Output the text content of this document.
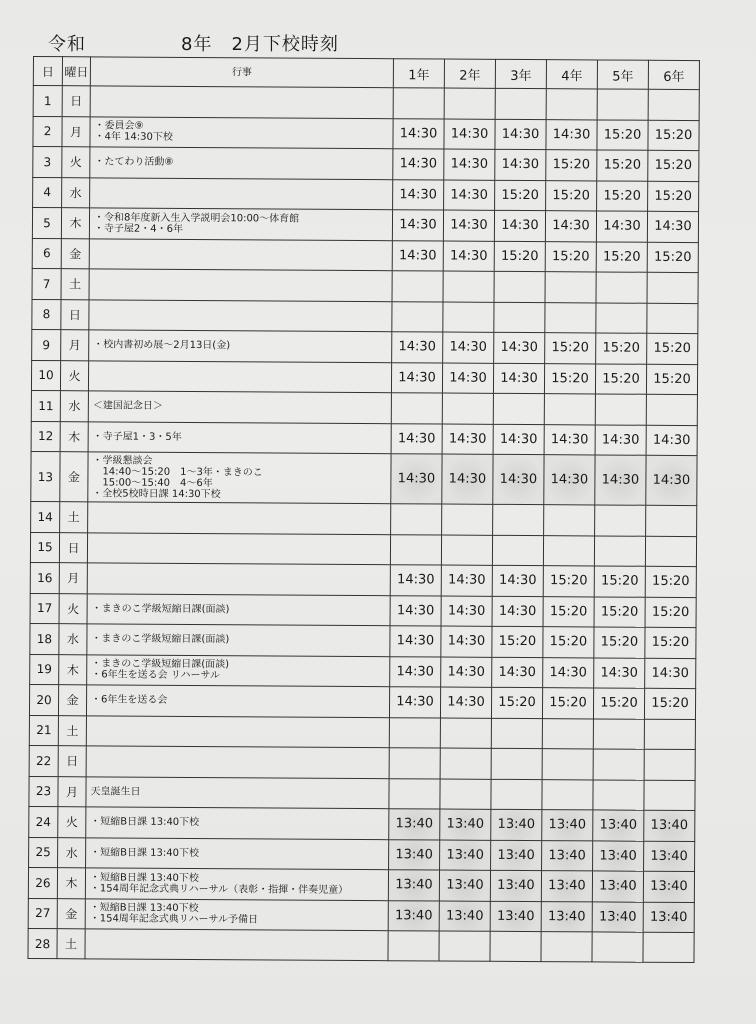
令和　　　　　8年　2月下校時刻
日	曜日	行事	1年	2年	3年	4年	5年	6年
1	日							
2	月	・委員会⑨
・4年 14:30下校	14:30	14:30	14:30	14:30	15:20	15:20
3	火	・たてわり活動⑧	14:30	14:30	14:30	15:20	15:20	15:20
4	水		14:30	14:30	15:20	15:20	15:20	15:20
5	木	・令和8年度新入生入学説明会10:00～体育館
・寺子屋2・4・6年	14:30	14:30	14:30	14:30	14:30	14:30
6	金		14:30	14:30	15:20	15:20	15:20	15:20
7	土							
8	日							
9	月	・校内書初め展～2月13日(金)	14:30	14:30	14:30	15:20	15:20	15:20
10	火		14:30	14:30	14:30	15:20	15:20	15:20
11	水	＜建国記念日＞						

12	木	・寺子屋1・3・5年	14:30	14:30	14:30	14:30	14:30	14:30
13	金	・学級懇談会
　14:40～15:20　1～3年・まきのこ
　15:00～15:40　4～6年
・全校5校時日課 14:30下校	14:30	14:30	14:30	14:30	14:30	14:30
14	土							
15	日							
16	月		14:30	14:30	14:30	15:20	15:20	15:20
17	火	・まきのこ学級短縮日課(面談)	14:30	14:30	14:30	15:20	15:20	15:20
18	水	・まきのこ学級短縮日課(面談)	14:30	14:30	15:20	15:20	15:20	15:20
19	木	・まきのこ学級短縮日課(面談)
・6年生を送る会 リハーサル	14:30	14:30	14:30	14:30	14:30	14:30
20	金	・6年生を送る会	14:30	14:30	15:20	15:20	15:20	15:20
21	土							
22	日							
23	月	天皇誕生日						

24	火	・短縮B日課 13:40下校	13:40	13:40	13:40	13:40	13:40	13:40
25	水	・短縮B日課 13:40下校	13:40	13:40	13:40	13:40	13:40	13:40
26	木	・短縮B日課 13:40下校
・154周年記念式典リハーサル（表彰・指揮・伴奏児童）	13:40	13:40	13:40	13:40	13:40	13:40
27	金	・短縮B日課 13:40下校
・154周年記念式典リハーサル予備日	13:40	13:40	13:40	13:40	13:40	13:40
28	土							
